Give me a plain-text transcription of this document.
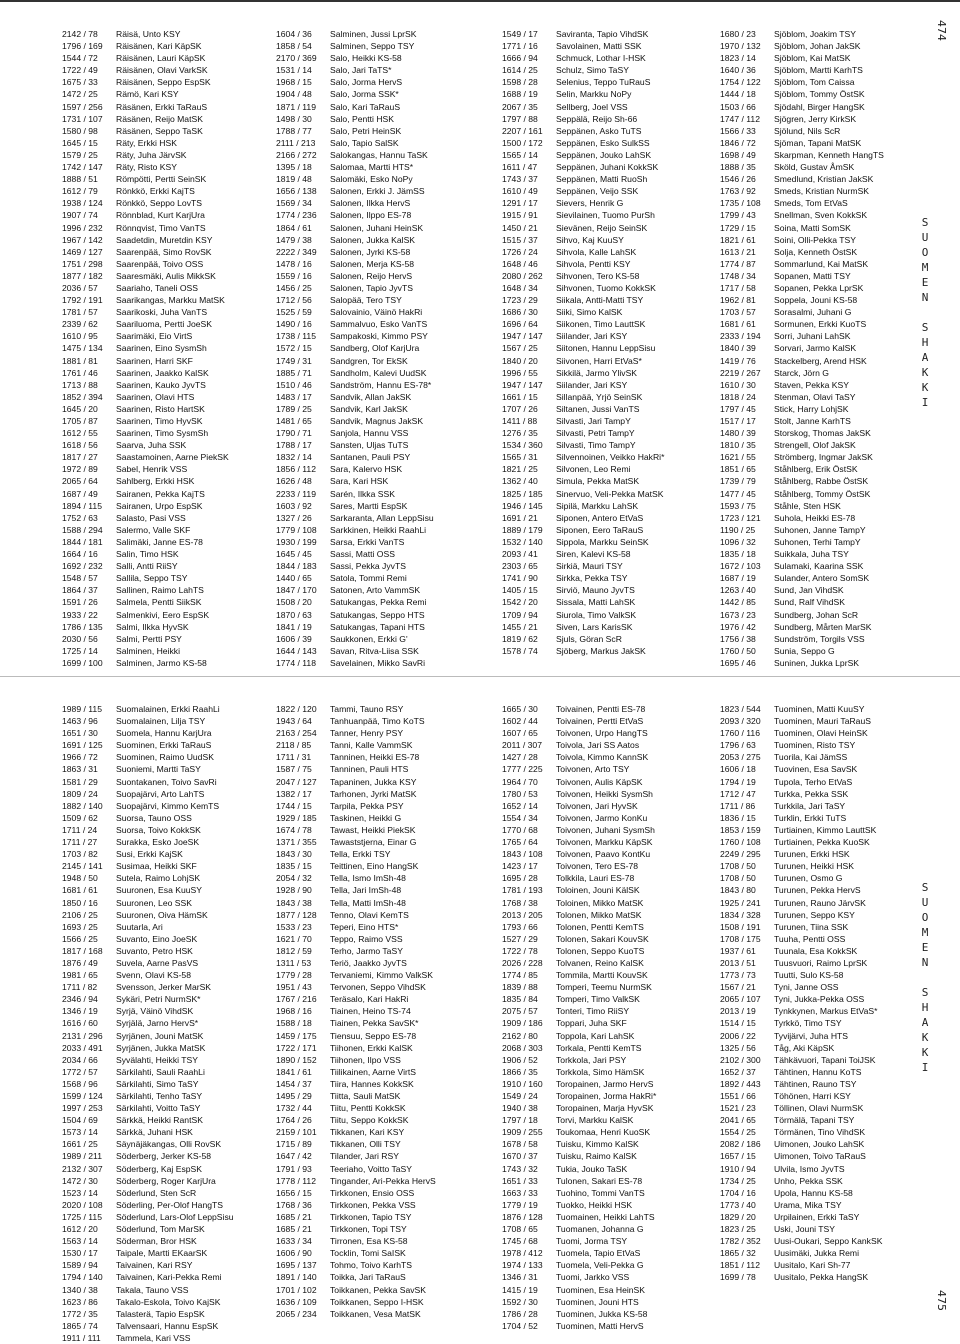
474
475
S
U
O
M
E
N
S
H
A
K
K
I
S
U
O
M
E
N
S
H
A
K
K
I
2142 / 78 Räisä, Unto KSY
1796 / 169 Räisänen, Kari KäpSK
1544 / 72 Räisänen, Lauri KäpSK
1722 / 49 Räisänen, Olavi VarkSK
1675 / 33 Räisänen, Seppo EspSK
1472 / 25 Rämö, Kari KSY
1597 / 256 Räsänen, Erkki TaRauS
1731 / 107 Räsänen, Reijo MatSK
1580 / 98 Räsänen, Seppo TaSK
1645 / 15 Räty, Erkki HSK
1579 / 25 Räty, Juha JärvSK
1742 / 147 Räty, Risto KSY
1888 / 51 Römpötti, Pertti SeinSK
1612 / 79 Rönkkö, Erkki KajTS
1938 / 124 Rönkkö, Seppo LovTS
1907 / 74 Rönnblad, Kurt KarjUra
1996 / 232 Rönnqvist, Timo VanTS
1967 / 142 Saadetdin, Muretdin KSY
1469 / 127 Saarenpää, Simo RovSK
1751 / 298 Saarenpää, Toivo OSS
1877 / 182 Saaresmäki, Aulis MikkSK
2036 / 57 Saariaho, Taneli OSS
1792 / 191 Saarikangas, Markku MatSK
1781 / 57 Saarikoski, Juha VanTS
2339 / 62 Saariluoma, Pertti JoeSK
1610 / 95 Saarimäki, Eio VirtS
1475 / 134 Saarinen, Eino SysmSh
1881 / 81 Saarinen, Harri SKF
1761 / 46 Saarinen, Jaakko KalSK
1713 / 88 Saarinen, Kauko JyvTS
1852 / 394 Saarinen, Olavi HTS
1645 / 20 Saarinen, Risto HartSK
1705 / 87 Saarinen, Timo HyvSK
1612 / 55 Saarinen, Timo SysmSh
1618 / 56 Saarva, Juha SSK
1817 / 27 Saastamoinen, Aarne PiekSK
1972 / 89 Sabel, Henrik VSS
2065 / 64 Sahlberg, Erkki HSK
1687 / 49 Sairanen, Pekka KajTS
1894 / 115 Sairanen, Urpo EspSK
1752 / 63 Salasto, Pasi VSS
1588 / 294 Salermo, Valle SKF
1844 / 181 Salimäki, Janne ES-78
1664 / 16 Salin, Timo HSK
1692 / 232 Salli, Antti RiiSY
1548 / 57 Sallila, Seppo TSY
1864 / 37 Sallinen, Raimo LahTS
1591 / 26 Salmela, Pentti SiikSK
1933 / 22 Salmenkivi, Eero EspSK
1786 / 135 Salmi, Ilkka HyvSK
2030 / 56 Salmi, Pertti PSY
1725 / 14 Salminen, Heikki
1699 / 100 Salminen, Jarmo KS-58
1604 / 36 Salminen, Jussi LprSK
1858 / 54 Salminen, Seppo TSY
2170 / 369 Salo, Heikki KS-58
1531 / 14 Salo, Jari TaTS*
1968 / 15 Salo, Jorma HervS
1904 / 48 Salo, Jorma SSK*
1871 / 119 Salo, Kari TaRauS
1498 / 30 Salo, Pentti HSK
1788 / 77 Salo, Petri HeinSK
2111 / 213 Salo, Tapio SalSK
2166 / 272 Salokangas, Hannu TaSK
1395 / 18 Salomaa, Martti HTS*
1819 / 48 Salomäki, Esko NoPy
1656 / 138 Salonen, Erkki J. JämSS
1569 / 34 Salonen, Ilkka HervS
1774 / 236 Salonen, Ilppo ES-78
1864 / 61 Salonen, Juhani HeinSK
1479 / 38 Salonen, Jukka KalSK
2222 / 349 Salonen, Jyrki KS-58
1478 / 16 Salonen, Merja KS-58
1559 / 16 Salonen, Reijo HervS
1456 / 25 Salonen, Tapio JyvTS
1712 / 56 Salopää, Tero TSY
1525 / 59 Salovainio, Väinö HakRi
1490 / 16 Sammalvuo, Esko VanTS
1738 / 115 Sampakoski, Kimmo PSY
1572 / 15 Sandberg, Olof KarjUra
1749 / 31 Sandgren, Tor EkSK
1885 / 71 Sandholm, Kalevi UudSK
1510 / 46 Sandström, Hannu ES-78*
1483 / 17 Sandvik, Allan JakSK
1789 / 25 Sandvik, Karl JakSK
1481 / 65 Sandvik, Magnus JakSK
1790 / 71 Sanjola, Hannu VSS
1788 / 17 Sansten, Uljas TuTS
1832 / 14 Santanen, Pauli PSY
1856 / 112 Sara, Kalervo HSK
1626 / 48 Sara, Kari HSK
2233 / 119 Sarén, Ilkka SSK
1603 / 92 Sares, Martti EspSK
1327 / 26 Sarkaranta, Allan LeppSisu
1779 / 108 Sarkkinen, Heikki RaahLi
1930 / 199 Sarsa, Erkki VanTS
1645 / 45 Sassi, Matti OSS
1844 / 183 Sassi, Pekka JyvTS
1440 / 65 Satola, Tommi Remi
1847 / 170 Satonen, Arto VammSK
1508 / 20 Satukangas, Pekka Remi
1870 / 63 Satukangas, Seppo HTS
1841 / 19 Satukangas, Tapani HTS
1606 / 39 Saukkonen, Erkki G'
1644 / 143 Savan, Ritva-Liisa SSK
1774 / 118 Savelainen, Mikko SavRi
1549 / 17 Saviranta, Tapio VihdSK
1771 / 16 Savolainen, Matti SSK
1666 / 94 Schmuck, Lothar I-HSK
1614 / 25 Schulz, Simo TaSY
1598 / 28 Selenius, Teppo TuRauS
1688 / 19 Selin, Markku NoPy
2067 / 35 Sellberg, Joel VSS
1797 / 88 Seppälä, Reijo Sh-66
2207 / 161 Seppänen, Asko TuTS
1500 / 172 Seppänen, Esko SulkSS
1565 / 14 Seppänen, Jouko LahSK
1611 / 47 Seppänen, Juhani KokkSK
1743 / 37 Seppänen, Matti RuoSh
1610 / 49 Seppänen, Veijo SSK
1291 / 17 Sievers, Henrik G
1915 / 91 Sievilainen, Tuomo PurSh
1450 / 21 Sievänen, Reijo SeinSK
1515 / 37 Sihvo, Kaj KuuSY
1726 / 24 Sihvola, Kalle LahSK
1648 / 46 Sihvola, Pentti KSY
2080 / 262 Sihvonen, Tero KS-58
1648 / 34 Sihvonen, Tuomo KokkSK
1723 / 29 Siikala, Antti-Matti TSY
1686 / 30 Siiki, Simo KalSK
1696 / 64 Siikonen, Timo LauttSK
1947 / 147 Siilander, Jari KSY
1567 / 25 Siitonen, Hannu LeppSisu
1840 / 20 Siivonen, Harri EtVaS*
1996 / 55 Sikkilä, Jarmo YlivSK
1947 / 147 Siilander, Jari KSY
1661 / 15 Sillanpää, Yrjö SeinSK
1707 / 26 Siltanen, Jussi VanTS
1411 / 88 Silvasti, Jari TampY
1276 / 35 Silvasti, Petri TampY
1534 / 360 Silvasti, Timo TampY
1565 / 31 Silvennoinen, Veikko HakRi*
1821 / 25 Silvonen, Leo Remi
1362 / 40 Simula, Pekka MatSK
1825 / 185 Sinervuo, Veli-Pekka MatSK
1946 / 145 Sipilä, Markku LahSK
1691 / 21 Siponen, Antero EtVaS
1889 / 179 Siponen, Eero TaRauS
1532 / 140 Sippola, Markku SeinSK
2093 / 41 Siren, Kalevi KS-58
2303 / 65 Sirkiä, Mauri TSY
1741 / 90 Sirkka, Pekka TSY
1405 / 15 Sirviö, Mauno JyvTS
1542 / 20 Sissala, Matti LahSK
1709 / 94 Siurola, Timo ValkSK
1455 / 21 Siven, Lars KarisSK
1819 / 62 Sjuls, Göran ScR
1578 / 74 Sjöberg, Markus JakSK
1680 / 23 Sjöblom, Joakim TSY
1970 / 132 Sjöblom, Johan JakSK
1823 / 14 Sjöblom, Kai MatSK
1640 / 36 Sjöblom, Martti KarhTS
1754 / 122 Sjöblom, Tom Caissa
1444 / 18 Sjöblom, Tommy ÖstSK
1503 / 66 Sjödahl, Birger HangSK
1747 / 112 Sjögren, Jerry KirkSK
1566 / 33 Sjölund, Nils ScR
1846 / 72 Sjöman, Tapani MatSK
1698 / 49 Skarpman, Kenneth HangTS
1888 / 35 Sköld, Gustav ÅmSK
1546 / 26 Smedlund, Kristian JakSK
1763 / 92 Smeds, Kristian NurmSK
1735 / 108 Smeds, Tom EtVaS
1799 / 43 Snellman, Sven KokkSK
1729 / 15 Soina, Matti SomSK
1821 / 61 Soini, Olli-Pekka TSY
1613 / 21 Solja, Kenneth ÖstSK
1774 / 87 Sommarlund, Kai MatSK
1748 / 34 Sopanen, Matti TSY
1717 / 58 Sopanen, Pekka LprSK
1962 / 81 Soppela, Jouni KS-58
1703 / 57 Sorasalmi, Juhani G
1681 / 61 Sormunen, Erkki KuoTS
2333 / 194 Sorri, Juhani LahSK
1840 / 39 Sorvari, Jarmo KalSK
1419 / 76 Stackelberg, Arend HSK
2219 / 267 Starck, Jörn G
1610 / 30 Staven, Pekka KSY
1818 / 24 Stenman, Olavi TaSY
1797 / 45 Stick, Harry LohjSK
1517 / 17 Stolt, Janne KarhTS
1480 / 39 Storskog, Thomas JakSK
1810 / 35 Strengell, Olof JakSK
1621 / 55 Strömberg, Ingmar JakSK
1851 / 65 Ståhlberg, Erik ÖstSK
1739 / 79 Ståhlberg, Rabbe ÖstSK
1477 / 45 Ståhlberg, Tommy ÖstSK
1593 / 75 Ståhle, Sten HSK
1723 / 121 Suhola, Heikki ES-78
1190 / 25 Suhonen, Janne TampY
1096 / 32 Suhonen, Terhi TampY
1835 / 18 Suikkala, Juha TSY
1672 / 103 Sulamaki, Kaarina SSK
1687 / 19 Sulander, Antero SomSK
1263 / 40 Sund, Jan VihdSK
1442 / 85 Sund, Ralf VihdSK
1673 / 23 Sundberg, Johan ScR
1976 / 42 Sundberg, Mårten MarSK
1756 / 38 Sundström, Torgils VSS
1760 / 50 Sunia, Seppo G
1695 / 46 Suninen, Jukka LprSK
1989 / 115 Suomalainen, Erkki RaahLi
1463 / 96 Suomalainen, Lilja TSY
1651 / 30 Suomela, Hannu KarjUra
1691 / 125 Suominen, Erkki TaRauS
1966 / 72 Suominen, Raimo UudSK
1863 / 31 Suoniemi, Martti TaSY
1581 / 29 Suontakanen, Toivo SavRi
1809 / 24 Suopajärvi, Arto LahTS
1882 / 140 Suopajärvi, Kimmo KemTS
1509 / 62 Suorsa, Tauno OSS
1711 / 24 Suorsa, Toivo KokkSK
1711 / 27 Surakka, Esko JoeSK
1703 / 82 Susi, Erkki KajSK
2145 / 141 Susimaa, Heikki SKF
1948 / 50 Sutela, Raimo LohjSK
1681 / 61 Suuronen, Esa KuuSY
1850 / 16 Suuronen, Leo SSK
2106 / 25 Suuronen, Oiva HämSK
1693 / 25 Suutarla, Ari
1566 / 25 Suvanto, Eino JoeSK
1817 / 168 Suvanto, Petro HSK
1876 / 49 Suvela, Aarne PasVS
1981 / 65 Svenn, Olavi KS-58
1711 / 82 Svensson, Jerker MarSK
2346 / 94 Sykäri, Petri NurmSK*
1346 / 19 Syrjä, Väinö VihdSK
1616 / 60 Syrjälä, Jarno HervS*
2131 / 296 Syrjänen, Jouni MatSK
2033 / 491 Syrjänen, Jukka MatSK
2034 / 66 Syvälahti, Heikki TSY
1772 / 57 Särkilahti, Sauli RaahLi
1568 / 96 Särkilahti, Simo TaSY
1599 / 124 Särkilahti, Tenho TaSY
1997 / 253 Särkilahti, Voitto TaSY
1504 / 69 Särkkä, Heikki RantSK
1573 / 14 Särkkä, Juhani HSK
1661 / 25 Säynäjäkangas, Olli RovSK
1989 / 211 Söderberg, Jerker KS-58
2132 / 307 Söderberg, Kaj EspSK
1472 / 30 Söderberg, Roger KarjUra
1523 / 14 Söderlund, Sten ScR
2020 / 108 Söderling, Per-Olof HangTS
1725 / 115 Söderlund, Lars-Olof LeppSisu
1612 / 20 Söderlund, Tom MarSK
1563 / 14 Söderman, Bror HSK
1530 / 17 Taipale, Martti EKaarSK
1589 / 94 Taivainen, Kari RSY
1794 / 140 Taivainen, Kari-Pekka Remi
1340 / 38 Takala, Tauno VSS
1623 / 86 Takalo-Eskola, Toivo KajSK
1772 / 35 Talasterä, Tapio EspSK
1865 / 74 Talvensaari, Hannu EspSK
1911 / 111 Tammela, Kari VSS
1822 / 120 Tammi, Tauno RSY
1943 / 64 Tanhuanpää, Timo KoTS
2163 / 254 Tanner, Henry PSY
2118 / 85 Tanni, Kalle VammSK
1711 / 31 Tanninen, Heikki ES-78
1587 / 75 Tanninen, Pauli HTS
2047 / 127 Tapaninen, Jukka KSY
1382 / 17 Tarhonen, Jyrki MatSK
1744 / 15 Tarpila, Pekka PSY
1929 / 185 Taskinen, Heikki G
1674 / 78 Tawast, Heikki PiekSK
1371 / 355 Tawaststjerna, Einar G
1843 / 30 Tella, Erkki TSY
1835 / 15 Teittinen, Eino HangSK
2054 / 32 Tella, Ismo ImSh-48
1928 / 90 Tella, Jari ImSh-48
1843 / 38 Tella, Matti ImSh-48
1877 / 128 Tenno, Olavi KemTS
1533 / 23 Teperi, Eino HTS*
1621 / 70 Teppo, Raimo VSS
1812 / 59 Terho, Jarmo TaSY
1311 / 53 Teriö, Jaakko JyvTS
1779 / 28 Tervaniemi, Kimmo ValkSK
1951 / 43 Tervonen, Seppo VihdSK
1767 / 216 Teräsalo, Kari HakRi
1968 / 16 Tiainen, Heino TS-74
1588 / 18 Tiainen, Pekka SavSK*
1459 / 175 Tiensuu, Seppo ES-78
1722 / 171 Tiihonen, Erkki KalSK
1890 / 152 Tiihonen, Ilpo VSS
1841 / 61 Tiilikainen, Aarne VirtS
1454 / 37 Tiira, Hannes KokkSK
1495 / 29 Tiitta, Sauli MatSK
1732 / 44 Tiitu, Pentti KokkSK
1764 / 26 Tiitu, Seppo KokkSK
2159 / 101 Tikkanen, Kari KSY
1715 / 89 Tikkanen, Olli TSY
1647 / 42 Tilander, Jari RSY
1791 / 93 Teeriaho, Voitto TaSY
1778 / 112 Tingander, Ari-Pekka HervS
1656 / 15 Tirkkonen, Ensio OSS
1768 / 36 Tirkkonen, Pekka VSS
1685 / 21 Tirkkonen, Tapio TSY
1685 / 21 Tirkkonen, Topi TSY
1633 / 34 Tirronen, Esa KS-58
1606 / 90 Tocklin, Tomi SaISK
1695 / 137 Tohmo, Toivo KarhTS
1891 / 140 Toikka, Jari TaRauS
1701 / 102 Toikkanen, Pekka SavSK
1636 / 109 Toikkanen, Seppo I-HSK
2065 / 234 Toikkanen, Vesa MatSK
1665 / 30 Toivainen, Pentti ES-78
1602 / 44 Toivainen, Pertti EtVaS
1607 / 65 Toivonen, Urpo HangTS
2011 / 307 Toivola, Jari SS Aatos
1427 / 28 Toivola, Kimmo KannSK
1777 / 225 Toivonen, Arto TSY
1964 / 70 Toivonen, Aulis KäpSK
1780 / 53 Toivonen, Heikki SysmSh
1652 / 14 Toivonen, Jari HyvSK
1554 / 34 Toivonen, Jarmo KonKu
1770 / 68 Toivonen, Juhani SysmSh
1765 / 64 Toivonen, Markku KäpSK
1843 / 108 Toivonen, Paavo KontKu
1423 / 17 Toivonen, Tero ES-78
1695 / 28 Tolkkila, Lauri ES-78
1781 / 193 Toloinen, Jouni KälSK
1768 / 38 Toloinen, Mikko MatSK
2013 / 205 Tolonen, Mikko MatSK
1793 / 66 Tolonen, Pentti KemTS
1527 / 29 Tolonen, Sakari KouvSK
1722 / 78 Tolonen, Seppo KuoTS
2026 / 228 Tolvanen, Reino KalSK
1774 / 85 Tommila, Martti KouvSK
1839 / 88 Tomperi, Teemu NurmSK
1835 / 84 Tomperi, Timo ValkSK
2075 / 57 Tonteri, Timo RiiSY
1909 / 186 Toppari, Juha SKF
2162 / 80 Toppola, Kari LahSK
2068 / 303 Torkala, Pentti KemTS
1906 / 52 Torkkola, Jari PSY
1866 / 35 Torkkola, Simo HämSK
1910 / 160 Toropainen, Jarmo HervS
1549 / 24 Toropainen, Jorma HakRi*
1940 / 38 Toropainen, Marja HyvSK
1797 / 18 Torvi, Markku KalSK
1909 / 255 Toukomaa, Henri KuoSK
1678 / 58 Tuisku, Kimmo KalSK
1670 / 37 Tuisku, Raimo KalSK
1743 / 32 Tukia, Jouko TaSK
1651 / 33 Tulonen, Sakari ES-78
1663 / 33 Tuohino, Tommi VanTS
1779 / 19 Tuokko, Heikki HSK
1876 / 128 Tuomainen, Heikki LahTS
1708 / 65 Tuomanen, Johanna G
1745 / 68 Tuomi, Jorma TSY
1978 / 412 Tuomela, Tapio EtVaS
1974 / 133 Tuomela, Veli-Pekka G
1346 / 31 Tuomi, Jarkko VSS
1415 / 19 Tuominen, Esa HeinSK
1592 / 30 Tuominen, Jouni HTS
1786 / 28 Tuominen, Jukka KS-58
1704 / 52 Tuominen, Matti HervS
1823 / 544 Tuominen, Matti KuuSY
2093 / 320 Tuominen, Mauri TaRauS
1760 / 116 Tuominen, Olavi HeinSK
1796 / 63 Tuominen, Risto TSY
2053 / 275 Tuorila, Kai JämSS
1606 / 18 Tuovinen, Esa SavSK
1794 / 19 Tupola, Terho EtVaS
1712 / 47 Turkka, Pekka SSK
1711 / 86 Turkkila, Jari TaSY
1836 / 15 Turklin, Erkki TuTS
1853 / 159 Turtiainen, Kimmo LauttSK
1760 / 108 Turtiainen, Pekka KuoSK
2249 / 295 Turunen, Erkki HSK
1708 / 50 Turunen, Heikki HSK
1708 / 50 Turunen, Osmo G
1843 / 80 Turunen, Pekka HervS
1925 / 241 Turunen, Rauno JärvSK
1834 / 328 Turunen, Seppo KSY
1508 / 191 Turunen, Tiina SSK
1708 / 175 Tuuha, Pentti OSS
1937 / 61 Tuunala, Esa KokkSK
2013 / 51 Tuusvuori, Raimo LprSK
1773 / 73 Tuutti, Sulo KS-58
1567 / 21 Tyni, Janne OSS
2065 / 107 Tyni, Jukka-Pekka OSS
2013 / 19 Tynkkynen, Markus EtVaS*
1514 / 15 Tyrkkö, Timo TSY
2006 / 22 Tyvijärvi, Juha HTS
1325 / 56 Tåg, Aki KäpSK
2102 / 300 Tähkävuori, Tapani ToiJSK
1652 / 37 Tähtinen, Hannu KoTS
1892 / 443 Tähtinen, Rauno TSY
1551 / 66 Töhönen, Harri KSY
1521 / 23 Töllinen, Olavi NurmSK
2041 / 65 Törmälä, Tapani TSY
1554 / 25 Törmänen, Tino VihdSK
2082 / 186 Uimonen, Jouko LahSK
1657 / 15 Uimonen, Toivo TaRauS
1910 / 94 Ulvila, Ismo JyvTS
1734 / 25 Unho, Pekka SSK
1704 / 16 Upola, Hannu KS-58
1773 / 40 Urama, Mika TSY
1829 / 20 Urpilainen, Erkki TaSY
1823 / 25 Uski, Jouni TSY
1782 / 352 Uusi-Oukari, Seppo KankSK
1865 / 32 Uusimäki, Jukka Remi
1851 / 112 Uusitalo, Kari Sh-77
1699 / 78 Uusitalo, Pekka HangSK
